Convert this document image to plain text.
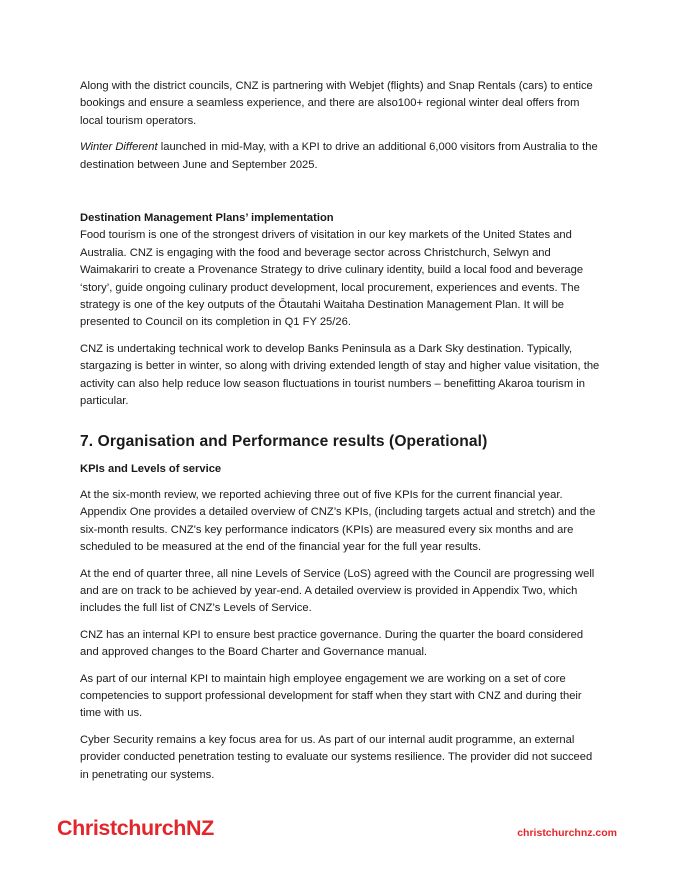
Along with the district councils, CNZ is partnering with Webjet (flights) and Snap Rentals (cars) to entice bookings and ensure a seamless experience, and there are also100+ regional winter deal offers from local tourism operators.

Winter Different launched in mid-May, with a KPI to drive an additional 6,000 visitors from Australia to the destination between June and September 2025.

Destination Management Plans’ implementation

Food tourism is one of the strongest drivers of visitation in our key markets of the United States and Australia. CNZ is engaging with the food and beverage sector across Christchurch, Selwyn and Waimakariri to create a Provenance Strategy to drive culinary identity, build a local food and beverage ‘story’, guide ongoing culinary product development, local procurement, experiences and events. The strategy is one of the key outputs of the Ōtautahi Waitaha Destination Management Plan. It will be presented to Council on its completion in Q1 FY 25/26.

CNZ is undertaking technical work to develop Banks Peninsula as a Dark Sky destination. Typically, stargazing is better in winter, so along with driving extended length of stay and higher value visitation, the activity can also help reduce low season fluctuations in tourist numbers – benefitting Akaroa tourism in particular.

7. Organisation and Performance results (Operational)
KPIs and Levels of service

At the six-month review, we reported achieving three out of five KPIs for the current financial year. Appendix One provides a detailed overview of CNZ’s KPIs, (including targets actual and stretch) and the six-month results. CNZ's key performance indicators (KPIs) are measured every six months and are scheduled to be measured at the end of the financial year for the full year results.

At the end of quarter three, all nine Levels of Service (LoS) agreed with the Council are progressing well and are on track to be achieved by year-end. A detailed overview is provided in Appendix Two, which includes the full list of CNZ’s Levels of Service.

CNZ has an internal KPI to ensure best practice governance. During the quarter the board considered and approved changes to the Board Charter and Governance manual.

As part of our internal KPI to maintain high employee engagement we are working on a set of core competencies to support professional development for staff when they start with CNZ and during their time with us.

Cyber Security remains a key focus area for us. As part of our internal audit programme, an external provider conducted penetration testing to evaluate our systems resilience. The provider did not succeed in penetrating our systems.

ChristchurchNZ	christchurchnz.com
